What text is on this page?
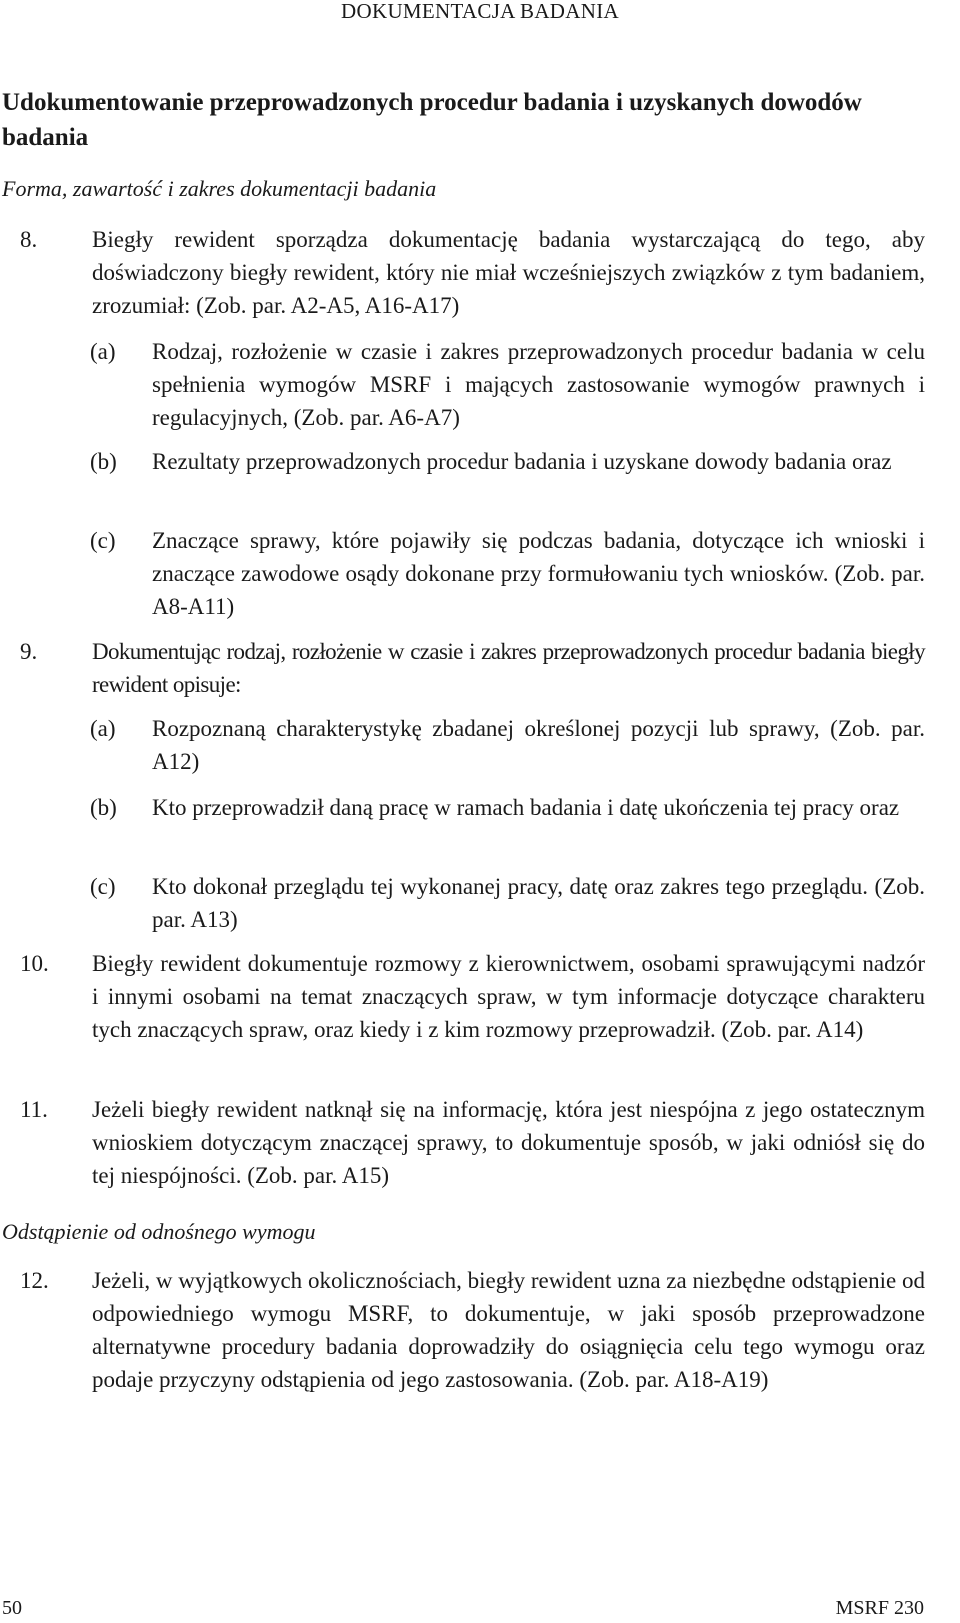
DOKUMENTACJA BADANIA
Udokumentowanie przeprowadzonych procedur badania i uzyskanych dowodów badania
Forma, zawartość i zakres dokumentacji badania
8. Biegły rewident sporządza dokumentację badania wystarczającą do tego, aby doświadczony biegły rewident, który nie miał wcześniejszych związków z tym badaniem, zrozumiał: (Zob. par. A2-A5, A16-A17)
(a) Rodzaj, rozłożenie w czasie i zakres przeprowadzonych procedur badania w celu spełnienia wymogów MSRF i mających zastosowanie wymogów prawnych i regulacyjnych, (Zob. par. A6-A7)
(b) Rezultaty przeprowadzonych procedur badania i uzyskane dowody badania oraz
(c) Znaczące sprawy, które pojawiły się podczas badania, dotyczące ich wnioski i znaczące zawodowe osądy dokonane przy formułowaniu tych wniosków. (Zob. par. A8-A11)
9. Dokumentując rodzaj, rozłożenie w czasie i zakres przeprowadzonych procedur badania biegły rewident opisuje:
(a) Rozpoznaną charakterystykę zbadanej określonej pozycji lub sprawy, (Zob. par. A12)
(b) Kto przeprowadził daną pracę w ramach badania i datę ukończenia tej pracy oraz
(c) Kto dokonał przeglądu tej wykonanej pracy, datę oraz zakres tego przeglądu. (Zob. par. A13)
10. Biegły rewident dokumentuje rozmowy z kierownictwem, osobami sprawującymi nadzór i innymi osobami na temat znaczących spraw, w tym informacje dotyczące charakteru tych znaczących spraw, oraz kiedy i z kim rozmowy przeprowadził. (Zob. par. A14)
11. Jeżeli biegły rewident natknął się na informację, która jest niespójna z jego ostatecznym wnioskiem dotyczącym znaczącej sprawy, to dokumentuje sposób, w jaki odniósł się do tej niespójności. (Zob. par. A15)
Odstąpienie od odnośnego wymogu
12. Jeżeli, w wyjątkowych okolicznościach, biegły rewident uzna za niezbędne odstąpienie od odpowiedniego wymogu MSRF, to dokumentuje, w jaki sposób przeprowadzone alternatywne procedury badania doprowadziły do osiągnięcia celu tego wymogu oraz podaje przyczyny odstąpienia od jego zastosowania. (Zob. par. A18-A19)
50	MSRF 230
